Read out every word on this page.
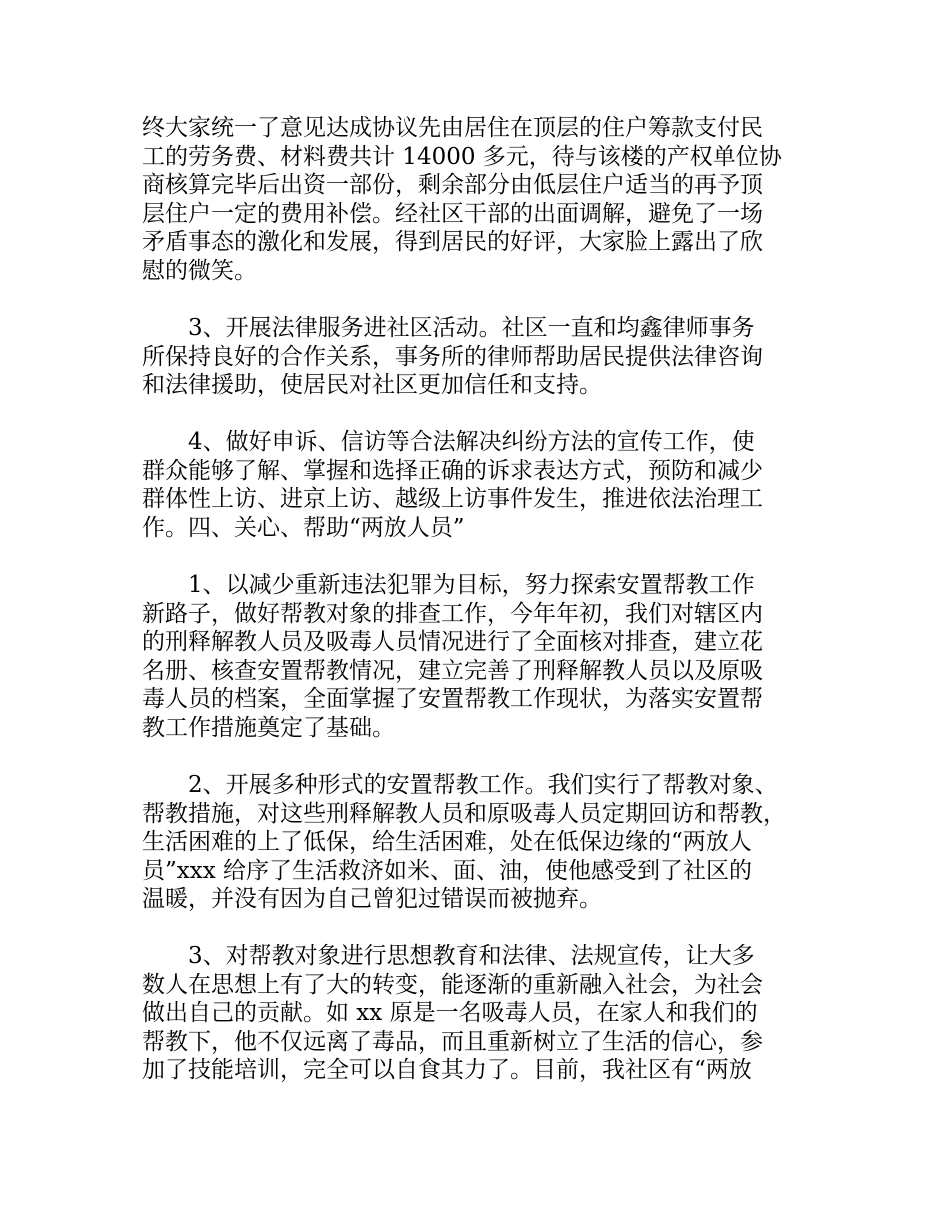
终大家统一了意见达成协议先由居住在顶层的住户筹款支付民
工的劳务费、材料费共计 14000 多元，待与该楼的产权单位协
商核算完毕后出资一部份，剩余部分由低层住户适当的再予顶
层住户一定的费用补偿。经社区干部的出面调解，避免了一场
矛盾事态的激化和发展，得到居民的好评，大家脸上露出了欣
慰的微笑。
3、开展法律服务进社区活动。社区一直和均鑫律师事务
所保持良好的合作关系，事务所的律师帮助居民提供法律咨询
和法律援助，使居民对社区更加信任和支持。
4、做好申诉、信访等合法解决纠纷方法的宣传工作，使
群众能够了解、掌握和选择正确的诉求表达方式，预防和减少
群体性上访、进京上访、越级上访事件发生，推进依法治理工
作。四、关心、帮助“两放人员”
1、以减少重新违法犯罪为目标，努力探索安置帮教工作
新路子，做好帮教对象的排查工作，今年年初，我们对辖区内
的刑释解教人员及吸毒人员情况进行了全面核对排查，建立花
名册、核查安置帮教情况，建立完善了刑释解教人员以及原吸
毒人员的档案，全面掌握了安置帮教工作现状，为落实安置帮
教工作措施奠定了基础。
2、开展多种形式的安置帮教工作。我们实行了帮教对象、
帮教措施，对这些刑释解教人员和原吸毒人员定期回访和帮教，
生活困难的上了低保，给生活困难，处在低保边缘的“两放人
员”xxx 给序了生活救济如米、面、油，使他感受到了社区的
温暖，并没有因为自己曾犯过错误而被抛弃。
3、对帮教对象进行思想教育和法律、法规宣传，让大多
数人在思想上有了大的转变，能逐渐的重新融入社会，为社会
做出自己的贡献。如 xx 原是一名吸毒人员，在家人和我们的
帮教下，他不仅远离了毒品，而且重新树立了生活的信心，参
加了技能培训，完全可以自食其力了。目前，我社区有“两放
